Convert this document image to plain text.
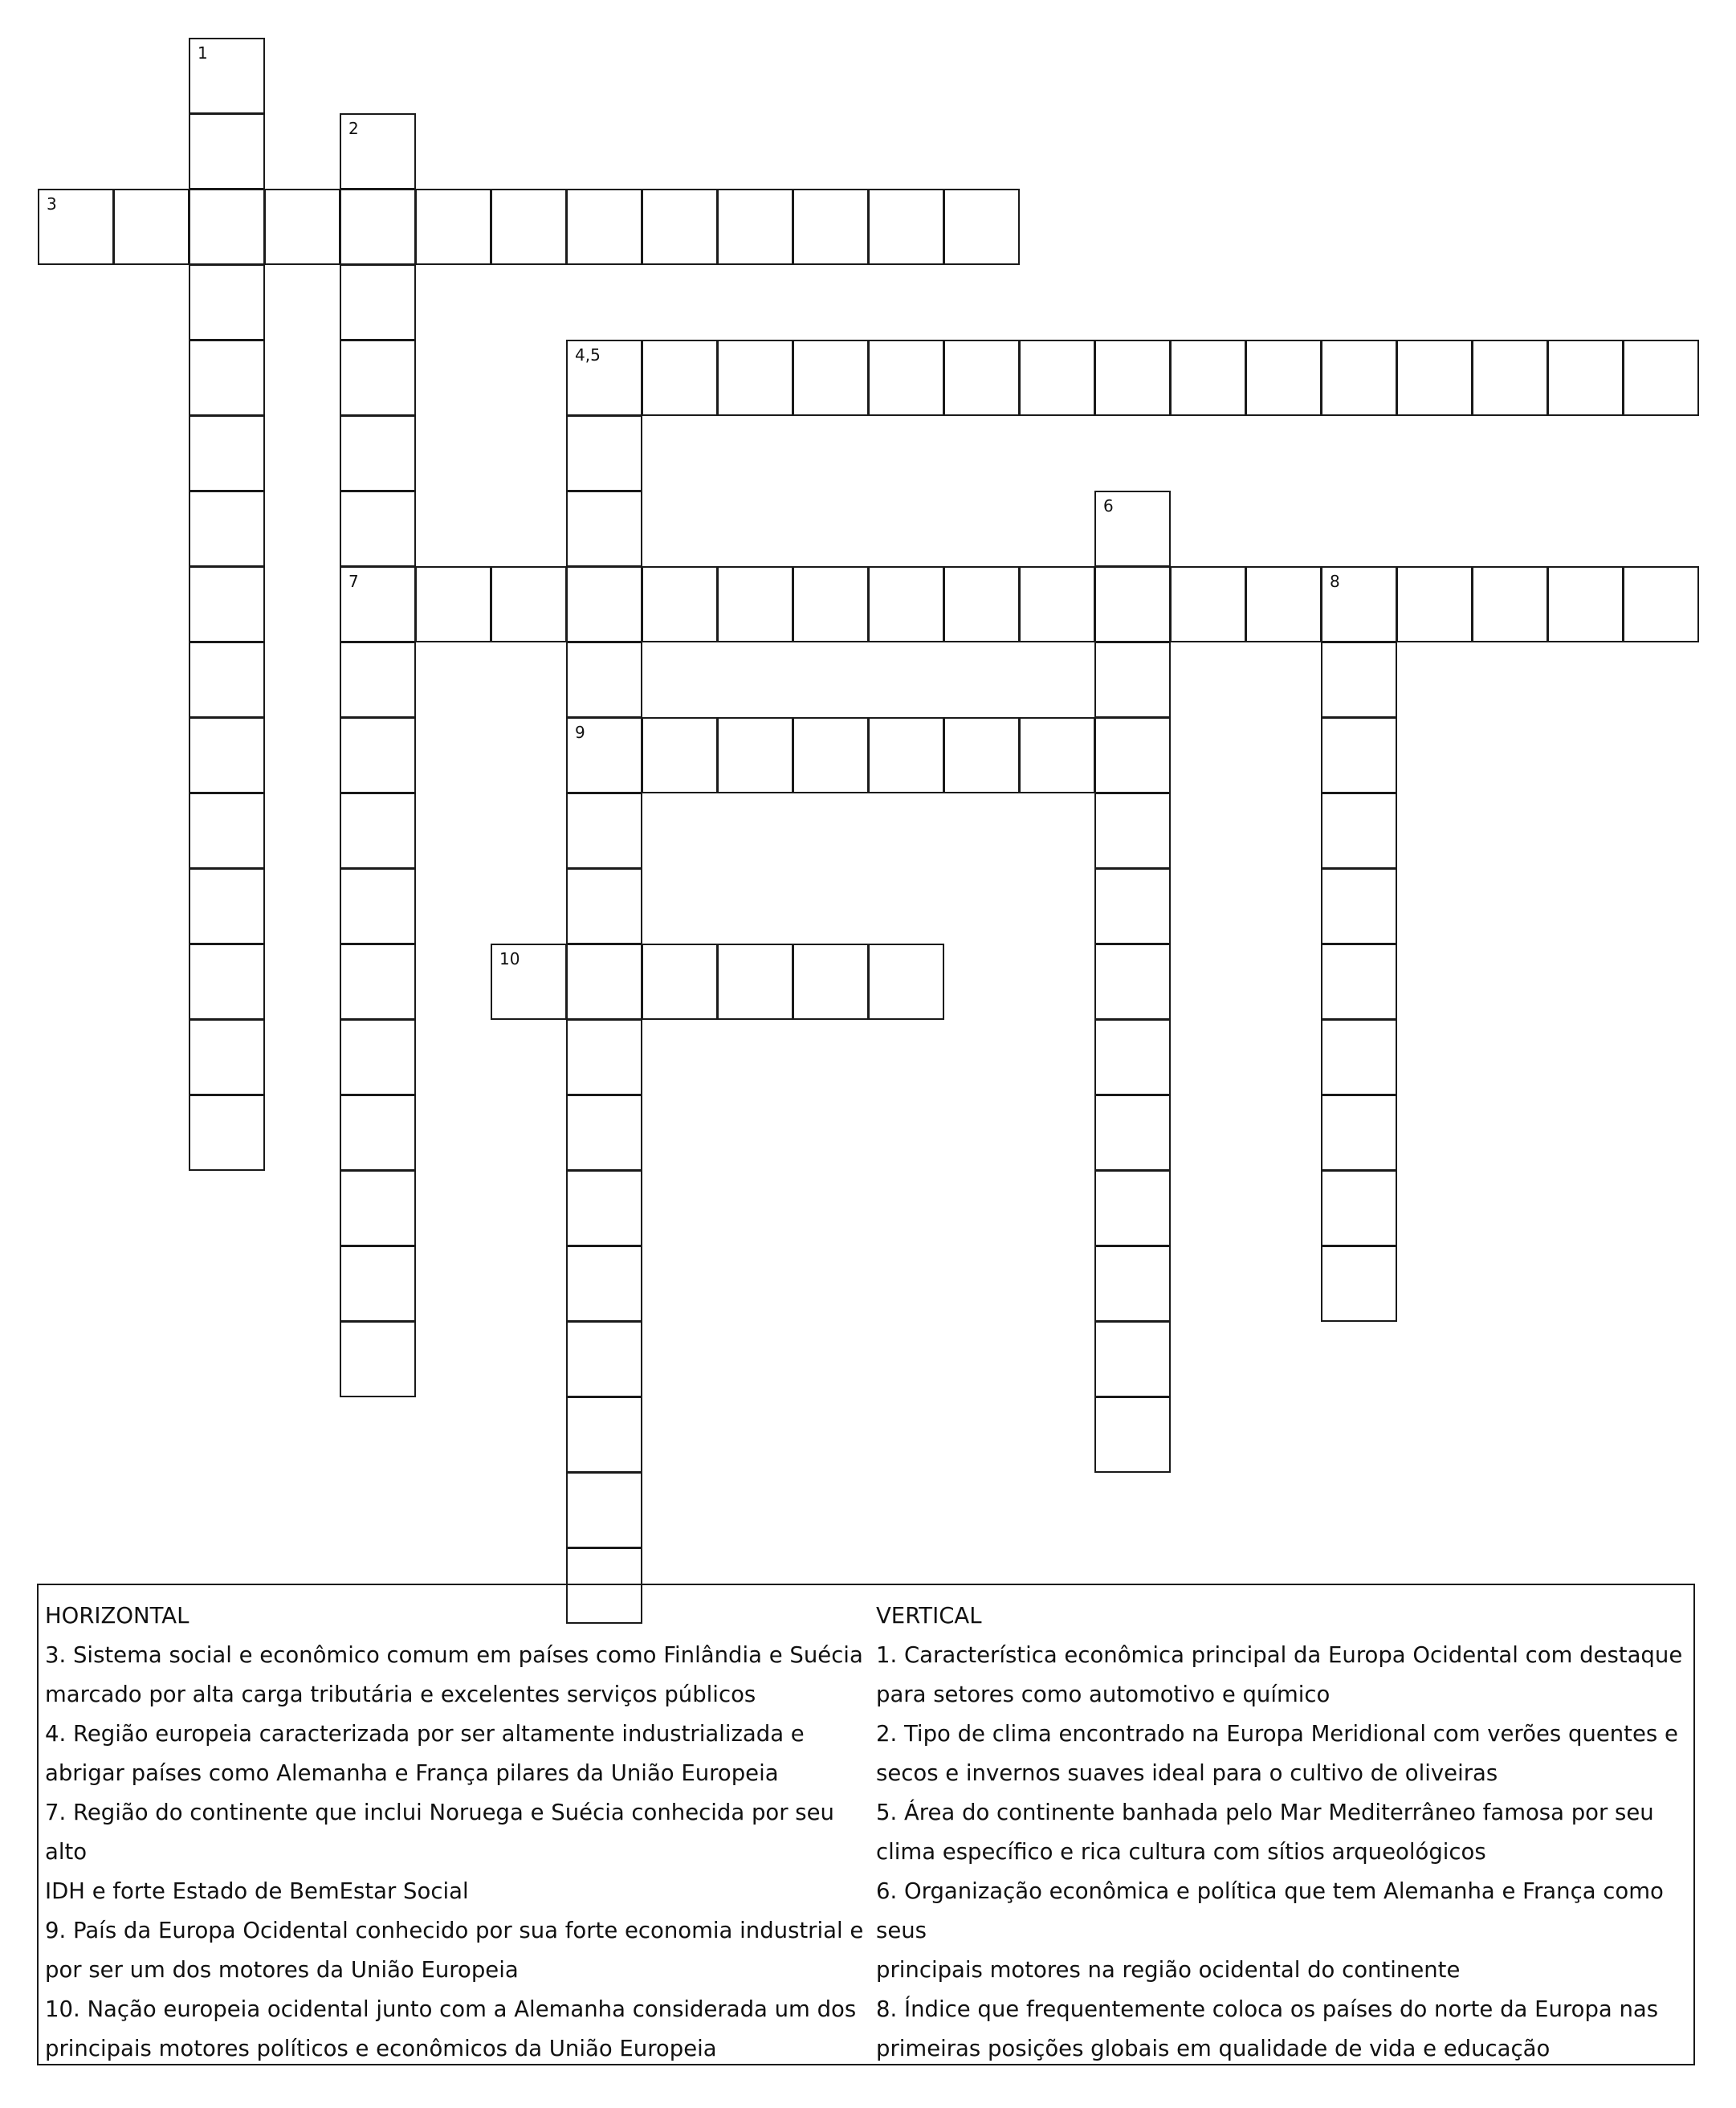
1
2
7
3
4,5
9
6
8
10
HORIZONTAL
3. Sistema social e econômico comum em países como Finlândia e Suécia
marcado por alta carga tributária e excelentes serviços públicos
4. Região europeia caracterizada por ser altamente industrializada e
abrigar países como Alemanha e França pilares da União Europeia
7. Região do continente que inclui Noruega e Suécia conhecida por seu alto
IDH e forte Estado de BemEstar Social
9. País da Europa Ocidental conhecido por sua forte economia industrial e
por ser um dos motores da União Europeia
10. Nação europeia ocidental junto com a Alemanha considerada um dos
principais motores políticos e econômicos da União Europeia
VERTICAL
1. Característica econômica principal da Europa Ocidental com destaque
para setores como automotivo e químico
2. Tipo de clima encontrado na Europa Meridional com verões quentes e
secos e invernos suaves ideal para o cultivo de oliveiras
5. Área do continente banhada pelo Mar Mediterrâneo famosa por seu
clima específico e rica cultura com sítios arqueológicos
6. Organização econômica e política que tem Alemanha e França como seus
principais motores na região ocidental do continente
8. Índice que frequentemente coloca os países do norte da Europa nas
primeiras posições globais em qualidade de vida e educação
